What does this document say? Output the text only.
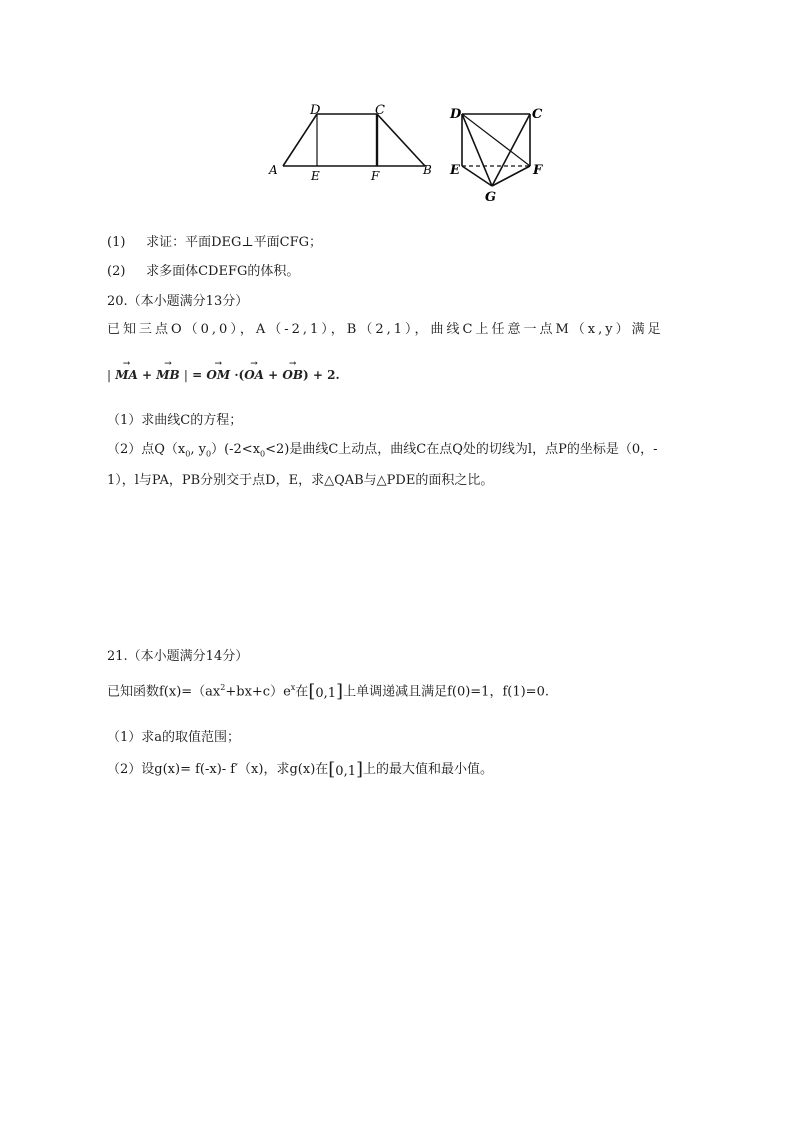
D	C
A	E	F	B
D	C
E	F
G
(1) 求证：平面DEG⊥平面CFG；
(2) 求多面体CDEFG的体积。
20.（本小题满分13分）
已知三点O（0,0），A（-2,1），B（2,1），曲线C上任意一点M（x,y）满足
| → MA + → MB | = → OM ·(→ OA + → OB) + 2.
（1）求曲线C的方程；
（2）点$Q(x_0$, $y_0)(-2<x_0<2)$是曲线C上动点，曲线C在点Q处的切线为l，点P的坐标是（0，-
1），l与PA，PB分别交于点D，E，求△QAB与△PDE的面积之比。
21.（本小题满分14分）
已知函数$f(x)=(ax^2+bx+c)e^x$在[0,1]上单调递减且满足f(0)=1，f(1)=0.
（1）求a的取值范围；
（2）设g(x)= f(-x)- f′（x)，求g(x)在[0,1]上的最大值和最小值。
